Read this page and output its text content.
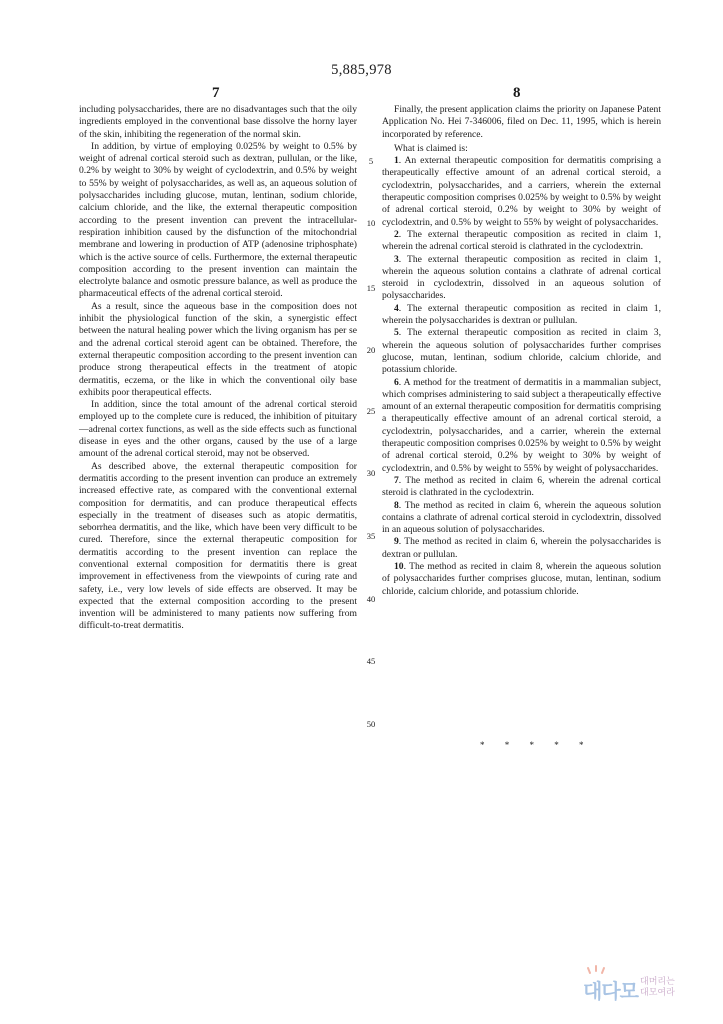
5,885,978
7	8

including polysaccharides, there are no disadvantages such that the oily ingredients employed in the conventional base dissolve the horny layer of the skin, inhibiting the regeneration of the normal skin.

In addition, by virtue of employing 0.025% by weight to 0.5% by weight of adrenal cortical steroid such as dextran, pullulan, or the like, 0.2% by weight to 30% by weight of cyclodextrin, and 0.5% by weight to 55% by weight of polysaccharides, as well as, an aqueous solution of polysaccharides including glucose, mutan, lentinan, sodium chloride, calcium chloride, and the like, the external therapeutic composition according to the present invention can prevent the intracellular-respiration inhibition caused by the disfunction of the mitochondrial membrane and lowering in production of ATP (adenosine triphosphate) which is the active source of cells. Furthermore, the external therapeutic composition according to the present invention can maintain the electrolyte balance and osmotic pressure balance, as well as produce the pharmaceutical effects of the adrenal cortical steroid.

As a result, since the aqueous base in the composition does not inhibit the physiological function of the skin, a synergistic effect between the natural healing power which the living organism has per se and the adrenal cortical steroid agent can be obtained. Therefore, the external therapeutic composition according to the present invention can produce strong therapeutical effects in the treatment of atopic dermatitis, eczema, or the like in which the conventional oily base exhibits poor therapeutical effects.

In addition, since the total amount of the adrenal cortical steroid employed up to the complete cure is reduced, the inhibition of pituitary—adrenal cortex functions, as well as the side effects such as functional disease in eyes and the other organs, caused by the use of a large amount of the adrenal cortical steroid, may not be observed.

As described above, the external therapeutic composition for dermatitis according to the present invention can produce an extremely increased effective rate, as compared with the conventional external composition for dermatitis, and can produce therapeutical effects especially in the treatment of diseases such as atopic dermatitis, seborrhea dermatitis, and the like, which have been very difficult to be cured. Therefore, since the external therapeutic composition for dermatitis according to the present invention can replace the conventional external composition for dermatitis there is great improvement in effectiveness from the viewpoints of curing rate and safety, i.e., very low levels of side effects are observed. It may be expected that the external composition according to the present invention will be administered to many patients now suffering from difficult-to-treat dermatitis.

Finally, the present application claims the priority on Japanese Patent Application No. Hei 7-346006, filed on Dec. 11, 1995, which is herein incorporated by reference.

What is claimed is:

1. An external therapeutic composition for dermatitis comprising a therapeutically effective amount of an adrenal cortical steroid, a cyclodextrin, polysaccharides, and a carriers, wherein the external therapeutic composition comprises 0.025% by weight to 0.5% by weight of adrenal cortical steroid, 0.2% by weight to 30% by weight of cyclodextrin, and 0.5% by weight to 55% by weight of polysaccharides.

2. The external therapeutic composition as recited in claim 1, wherein the adrenal cortical steroid is clathrated in the cyclodextrin.

3. The external therapeutic composition as recited in claim 1, wherein the aqueous solution contains a clathrate of adrenal cortical steroid in cyclodextrin, dissolved in an aqueous solution of polysaccharides.

4. The external therapeutic composition as recited in claim 1, wherein the polysaccharides is dextran or pullulan.

5. The external therapeutic composition as recited in claim 3, wherein the aqueous solution of polysaccharides further comprises glucose, mutan, lentinan, sodium chloride, calcium chloride, and potassium chloride.

6. A method for the treatment of dermatitis in a mammalian subject, which comprises administering to said subject a therapeutically effective amount of an external therapeutic composition for dermatitis comprising a therapeutically effective amount of an adrenal cortical steroid, a cyclodextrin, polysaccharides, and a carrier, wherein the external therapeutic composition comprises 0.025% by weight to 0.5% by weight of adrenal cortical steroid, 0.2% by weight to 30% by weight of cyclodextrin, and 0.5% by weight to 55% by weight of polysaccharides.

7. The method as recited in claim 6, wherein the adrenal cortical steroid is clathrated in the cyclodextrin.

8. The method as recited in claim 6, wherein the aqueous solution contains a clathrate of adrenal cortical steroid in cyclodextrin, dissolved in an aqueous solution of polysaccharides.

9. The method as recited in claim 6, wherein the polysaccharides is dextran or pullulan.

10. The method as recited in claim 8, wherein the aqueous solution of polysaccharides further comprises glucose, mutan, lentinan, sodium chloride, calcium chloride, and potassium chloride.

5
10
15
20
25
30
35
40
45
50
* * * * *
대다모 대머리는
대모여라
